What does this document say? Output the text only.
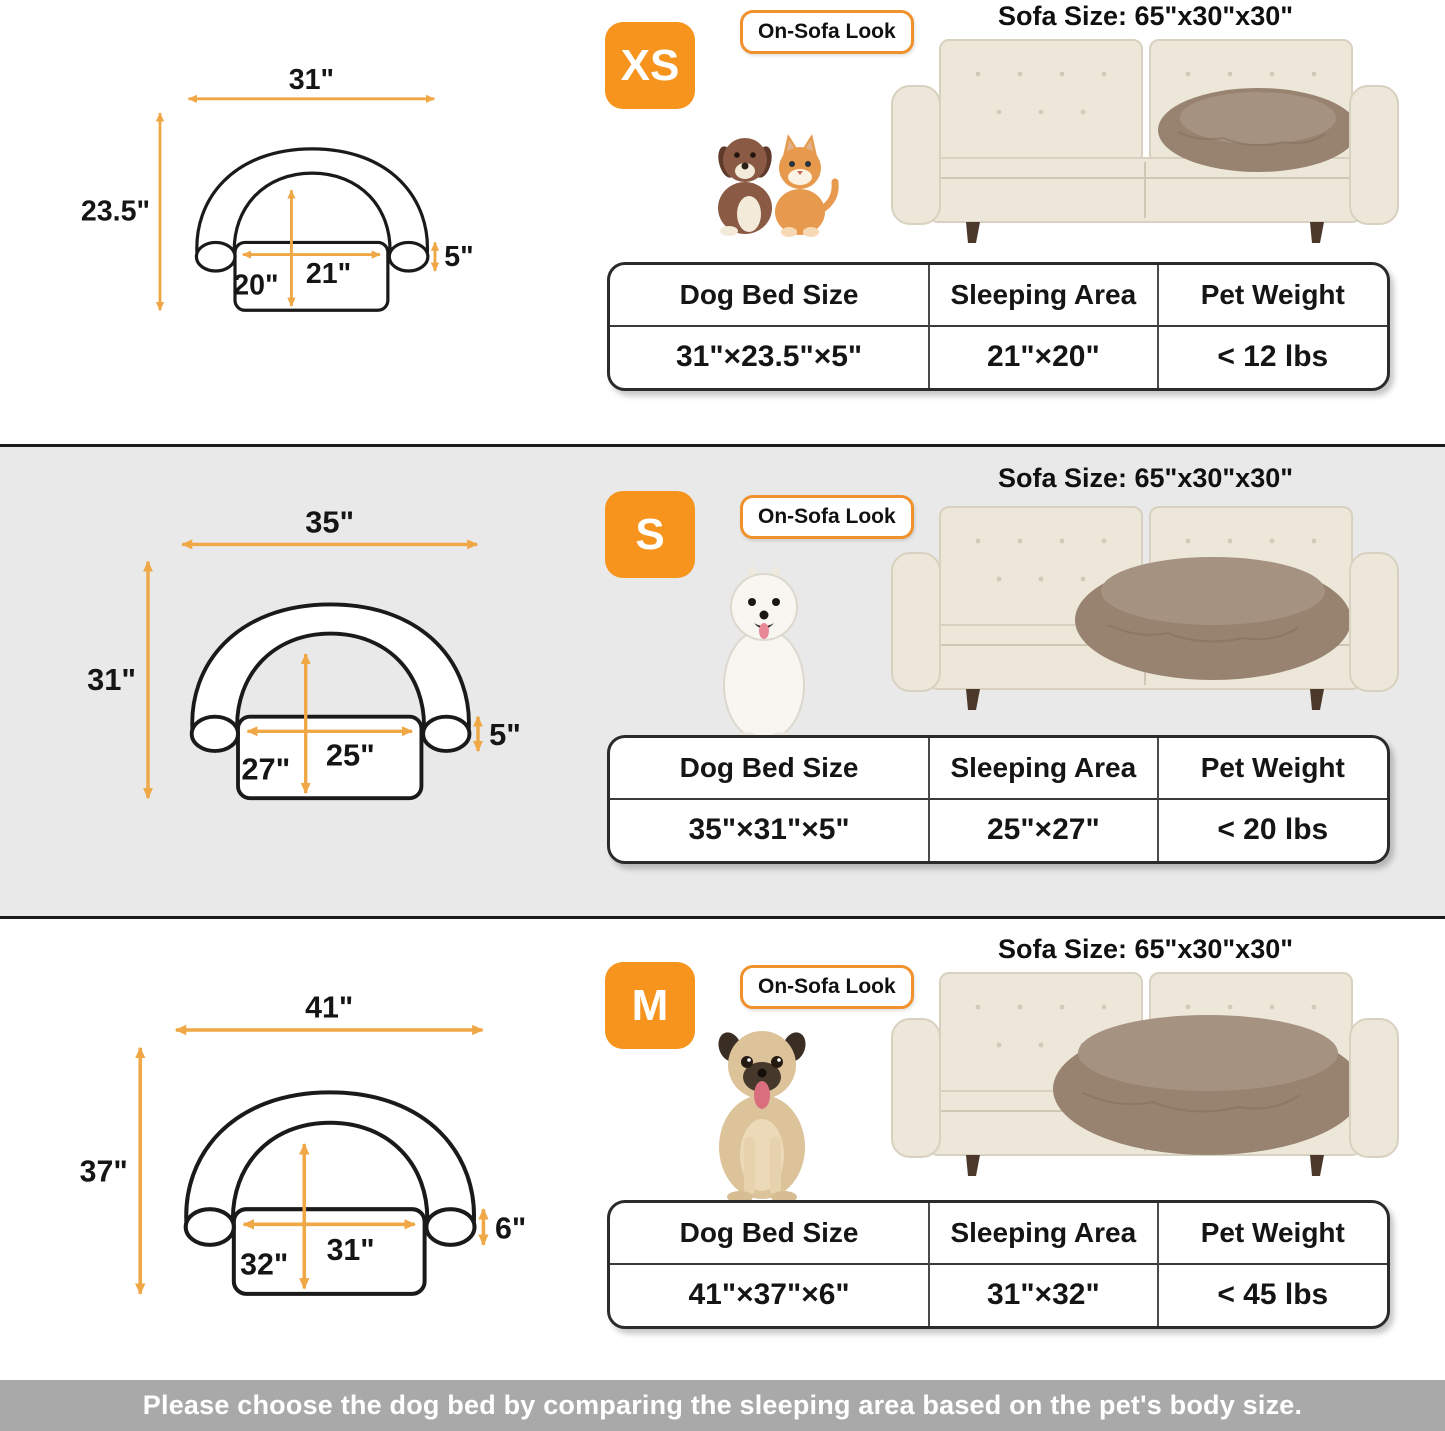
31"
23.5"
21"
20"
5"
XS
On-Sofa Look
Sofa Size: 65"x30"x30"
Dog Bed Size	Sleeping Area	Pet Weight
31"×23.5"×5"	21"×20"	< 12 lbs
35"
31"
25"
27"
5"
S	On-Sofa Look
Sofa Size: 65"x30"x30"
Dog Bed Size	Sleeping Area	Pet Weight
35"×31"×5"	25"×27"	< 20 lbs
41"
37"
31"
32"
6"
M	On-Sofa Look
Sofa Size: 65"x30"x30"
Dog Bed Size	Sleeping Area	Pet Weight
41"×37"×6"	31"×32"	< 45 lbs
Please choose the dog bed by comparing the sleeping area based on the pet's body size.
